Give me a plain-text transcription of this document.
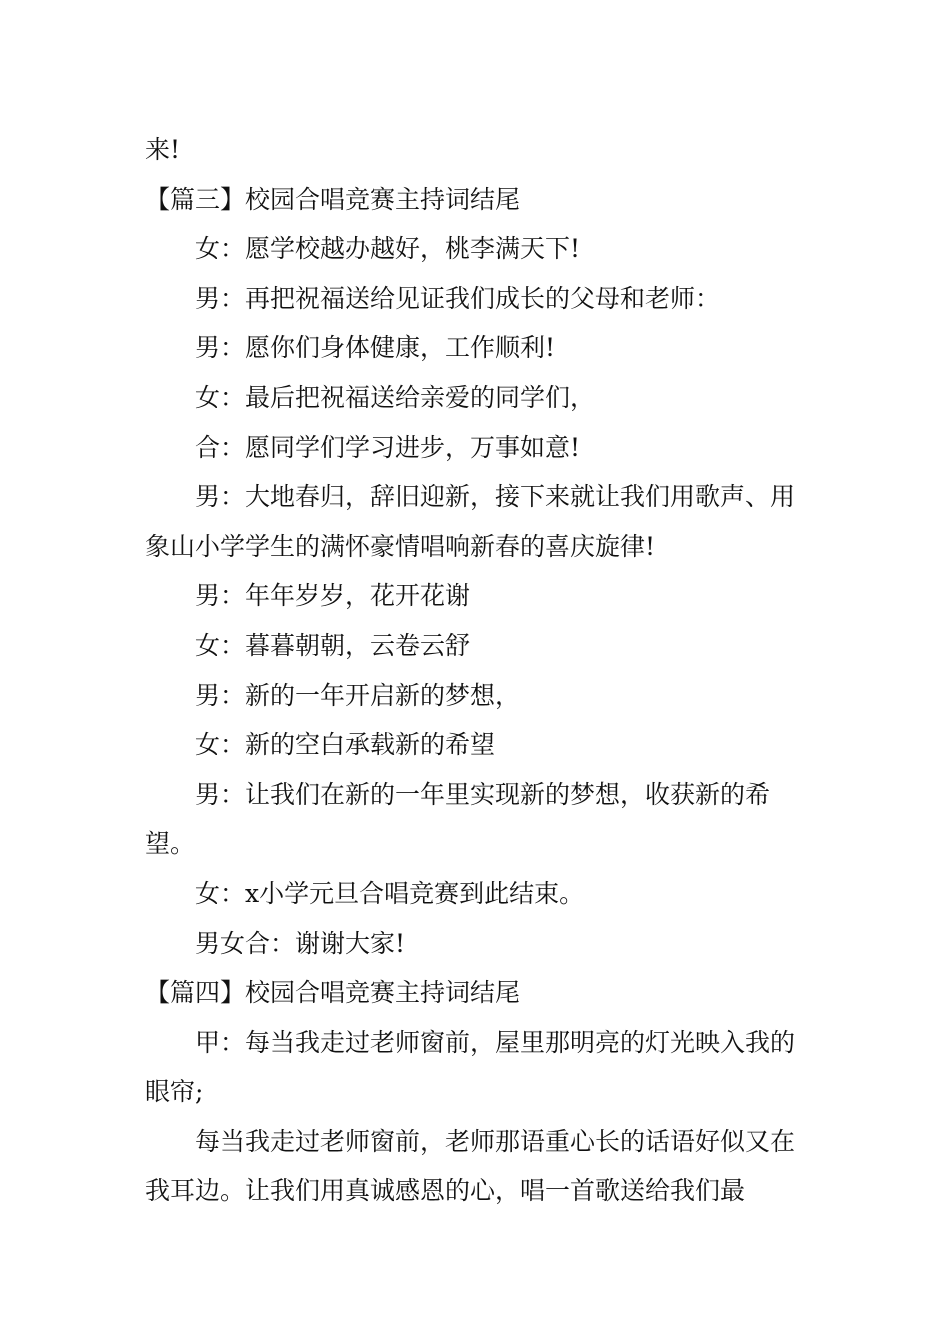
来!

【篇三】校园合唱竞赛主持词结尾

女：愿学校越办越好，桃李满天下!

男：再把祝福送给见证我们成长的父母和老师：

男：愿你们身体健康，工作顺利!

女：最后把祝福送给亲爱的同学们，

合：愿同学们学习进步，万事如意!

男：大地春归，辞旧迎新，接下来就让我们用歌声、用象山小学学生的满怀豪情唱响新春的喜庆旋律!

男：年年岁岁，花开花谢

女：暮暮朝朝，云卷云舒

男：新的一年开启新的梦想，

女：新的空白承载新的希望

男：让我们在新的一年里实现新的梦想，收获新的希望。

女：x小学元旦合唱竞赛到此结束。

男女合：谢谢大家!

【篇四】校园合唱竞赛主持词结尾

甲：每当我走过老师窗前，屋里那明亮的灯光映入我的眼帘;

每当我走过老师窗前，老师那语重心长的话语好似又在我耳边。让我们用真诚感恩的心，唱一首歌送给我们最
